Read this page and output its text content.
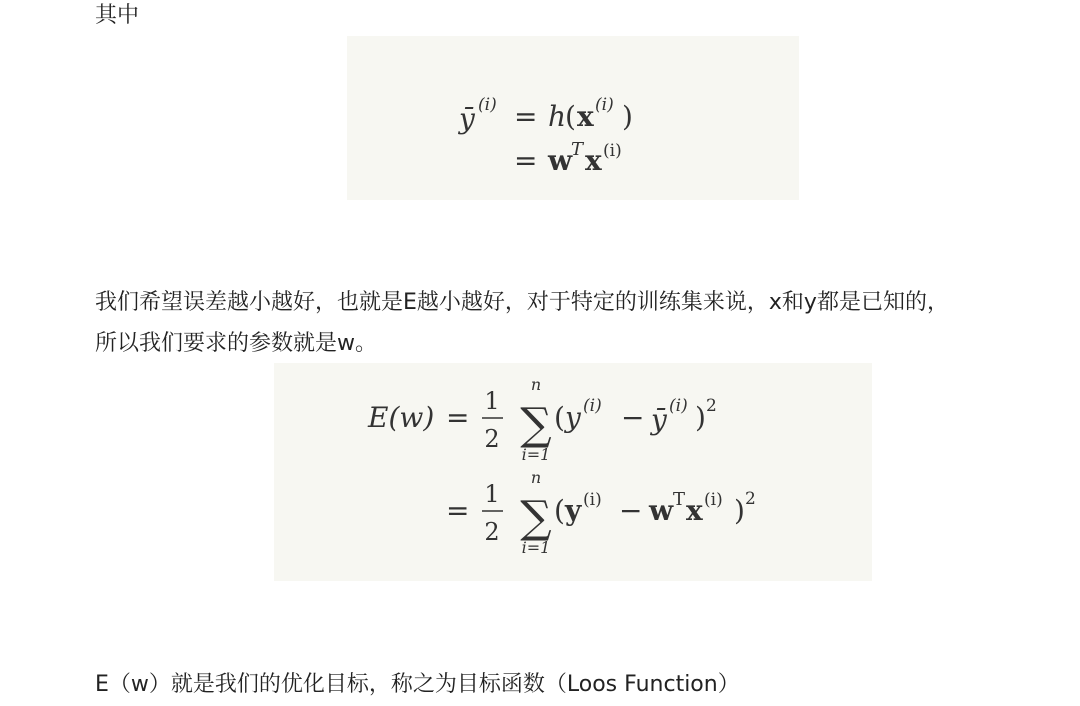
其中

ȳ (i) = h
( x (i) )
= w
T x (i)

我们希望误差越小越好，也就是E越小越好，对于特定的训练集来说，x和y都是已知的，

所以我们要求的参数就是w。

E(w) = 1
2
n
∑
i=1
( y (i) − ȳ (i) ) 2
= 1
2
n
∑
i=1
( y (i) − w T x (i) ) 2

E（w）就是我们的优化目标，称之为目标函数（Loos Function）
